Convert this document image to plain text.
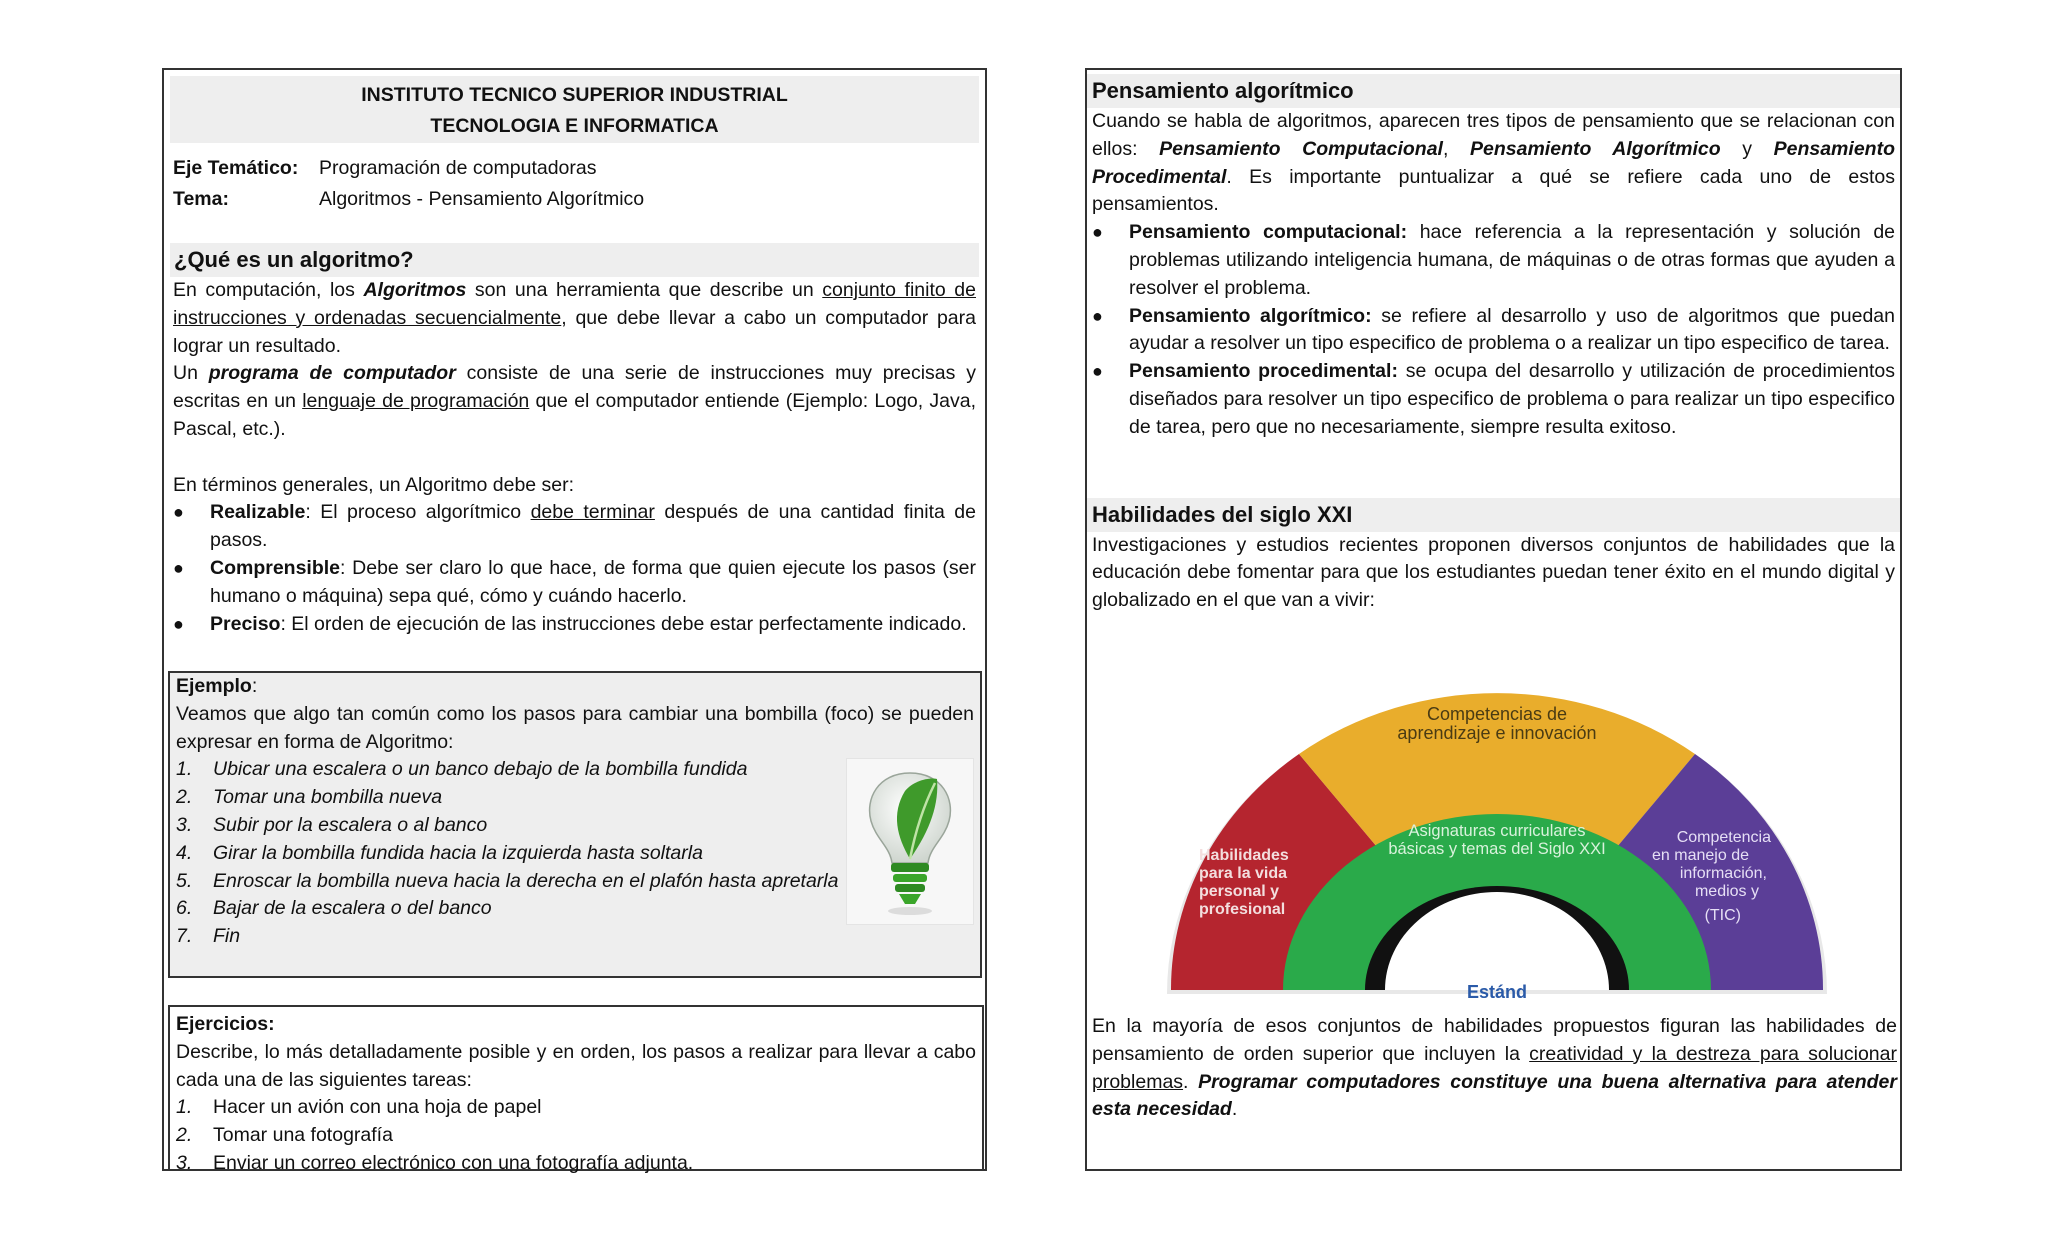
INSTITUTO TECNICO SUPERIOR INDUSTRIAL
TECNOLOGIA E INFORMATICA
Eje Temático:	Programación de computadoras
Tema:	Algoritmos - Pensamiento Algorítmico
¿Qué es un algoritmo?
En computación, los Algoritmos son una herramienta que describe un conjunto finito de instrucciones y ordenadas secuencialmente, que debe llevar a cabo un computador para lograr un resultado.
Un programa de computador consiste de una serie de instrucciones muy precisas y escritas en un lenguaje de programación que el computador entiende (Ejemplo: Logo, Java, Pascal, etc.).
En términos generales, un Algoritmo debe ser:
●	Realizable: El proceso algorítmico debe terminar después de una cantidad finita de pasos.
●	Comprensible: Debe ser claro lo que hace, de forma que quien ejecute los pasos (ser humano o máquina) sepa qué, cómo y cuándo hacerlo.
●	Preciso: El orden de ejecución de las instrucciones debe estar perfectamente indicado.
Ejemplo:
Veamos que algo tan común como los pasos para cambiar una bombilla (foco) se pueden expresar en forma de Algoritmo:
1.	Ubicar una escalera o un banco debajo de la bombilla fundida
2.	Tomar una bombilla nueva
3.	Subir por la escalera o al banco
4.	Girar la bombilla fundida hacia la izquierda hasta soltarla
5.	Enroscar la bombilla nueva hacia la derecha en el plafón hasta apretarla
6.	Bajar de la escalera o del banco
7.	Fin
Ejercicios:
Describe, lo más detalladamente posible y en orden, los pasos a realizar para llevar a cabo cada una de las siguientes tareas:
1.	Hacer un avión con una hoja de papel
2.	Tomar una fotografía
3.	Enviar un correo electrónico con una fotografía adjunta.
Pensamiento algorítmico
Cuando se habla de algoritmos, aparecen tres tipos de pensamiento que se relacionan con ellos: Pensamiento Computacional, Pensamiento Algorítmico y Pensamiento Procedimental. Es importante puntualizar a qué se refiere cada uno de estos pensamientos.
●	Pensamiento computacional: hace referencia a la representación y solución de problemas utilizando inteligencia humana, de máquinas o de otras formas que ayuden a resolver el problema.
●	Pensamiento algorítmico: se refiere al desarrollo y uso de algoritmos que puedan ayudar a resolver un tipo especifico de problema o a realizar un tipo especifico de tarea.
●	Pensamiento procedimental: se ocupa del desarrollo y utilización de procedimientos diseñados para resolver un tipo especifico de problema o para realizar un tipo especifico de tarea, pero que no necesariamente, siempre resulta exitoso.
Habilidades del siglo XXI
Investigaciones y estudios recientes proponen diversos conjuntos de habilidades que la educación debe fomentar para que los estudiantes puedan tener éxito en el mundo digital y globalizado en el que van a vivir:
Competencias de
aprendizaje e innovación
Asignaturas curriculares
básicas y temas del Siglo XXI
Estánd
Habilidades
para la vida
personal y
profesional
Competencia
en manejo de
información,
medios y
(TIC)
En la mayoría de esos conjuntos de habilidades propuestos figuran las habilidades de pensamiento de orden superior que incluyen la creatividad y la destreza para solucionar problemas. Programar computadores constituye una buena alternativa para atender esta necesidad.
